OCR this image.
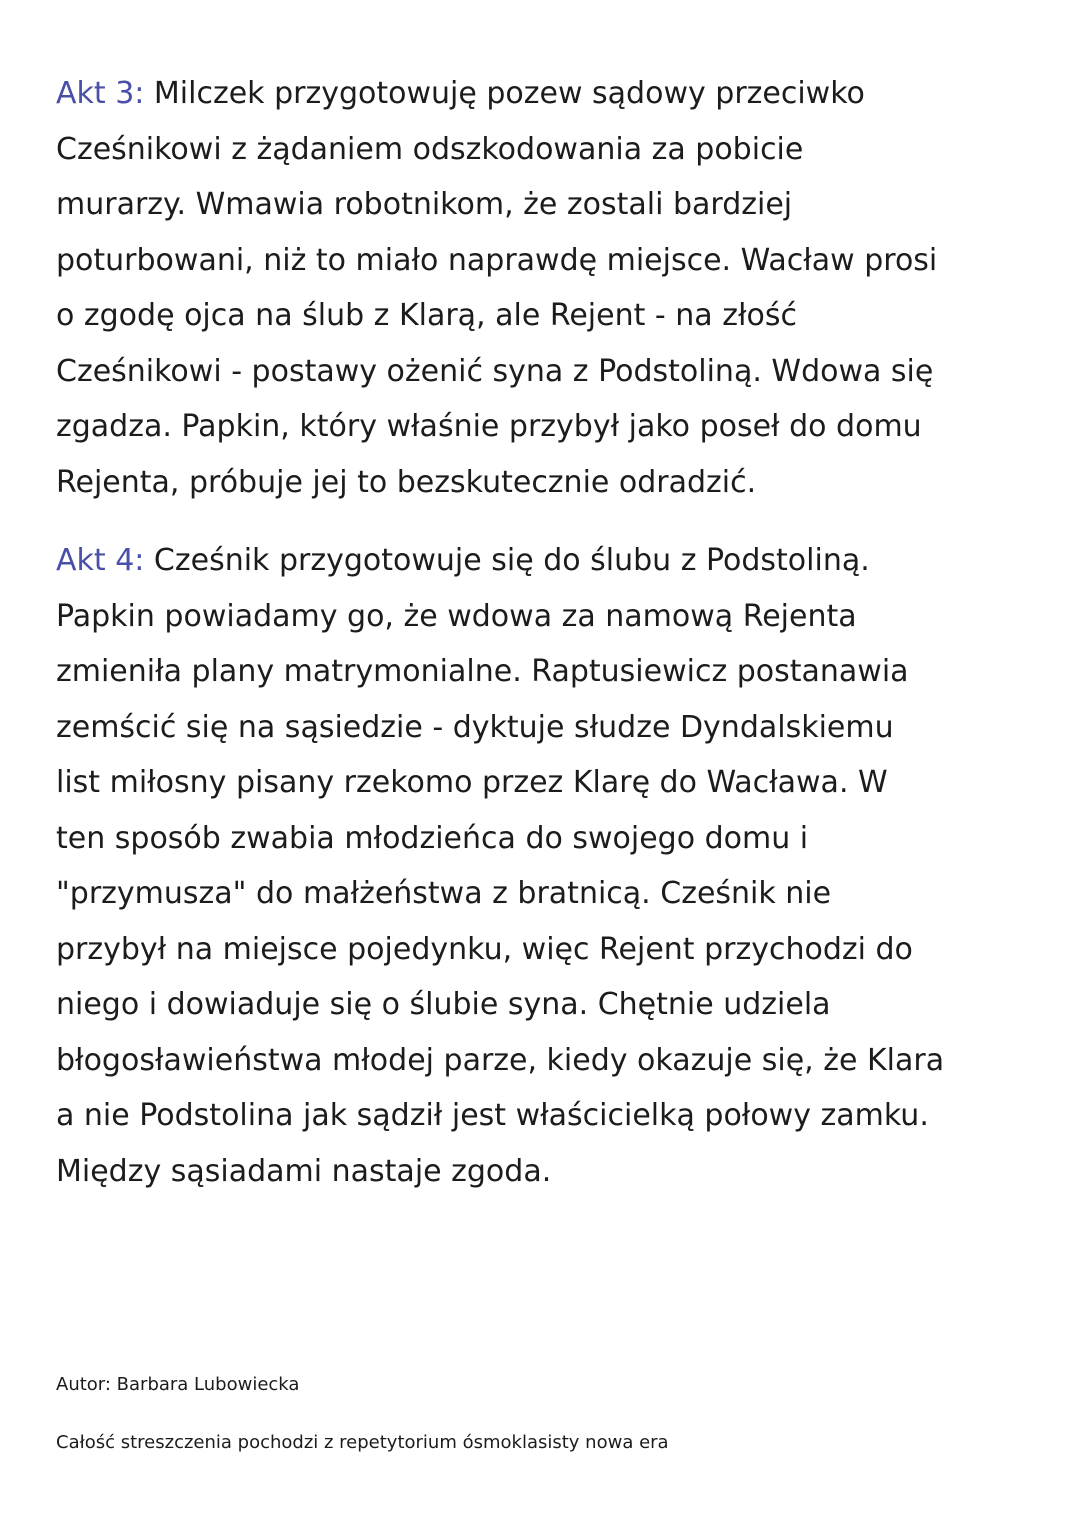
Akt 3: Milczek przygotowuję pozew sądowy przeciwko
Cześnikowi z żądaniem odszkodowania za pobicie
murarzy. Wmawia robotnikom, że zostali bardziej
poturbowani, niż to miało naprawdę miejsce. Wacław prosi
o zgodę ojca na ślub z Klarą, ale Rejent - na złość
Cześnikowi - postawy ożenić syna z Podstoliną. Wdowa się
zgadza. Papkin, który właśnie przybył jako poseł do domu
Rejenta, próbuje jej to bezskutecznie odradzić.

Akt 4: Cześnik przygotowuje się do ślubu z Podstoliną.
Papkin powiadamy go, że wdowa za namową Rejenta
zmieniła plany matrymonialne. Raptusiewicz postanawia
zemścić się na sąsiedzie - dyktuje słudze Dyndalskiemu
list miłosny pisany rzekomo przez Klarę do Wacława. W
ten sposób zwabia młodzieńca do swojego domu i
"przymusza" do małżeństwa z bratnicą. Cześnik nie
przybył na miejsce pojedynku, więc Rejent przychodzi do
niego i dowiaduje się o ślubie syna. Chętnie udziela
błogosławieństwa młodej parze, kiedy okazuje się, że Klara
a nie Podstolina jak sądził jest właścicielką połowy zamku.
Między sąsiadami nastaje zgoda.

Autor: Barbara Lubowiecka
Całość streszczenia pochodzi z repetytorium ósmoklasisty nowa era
